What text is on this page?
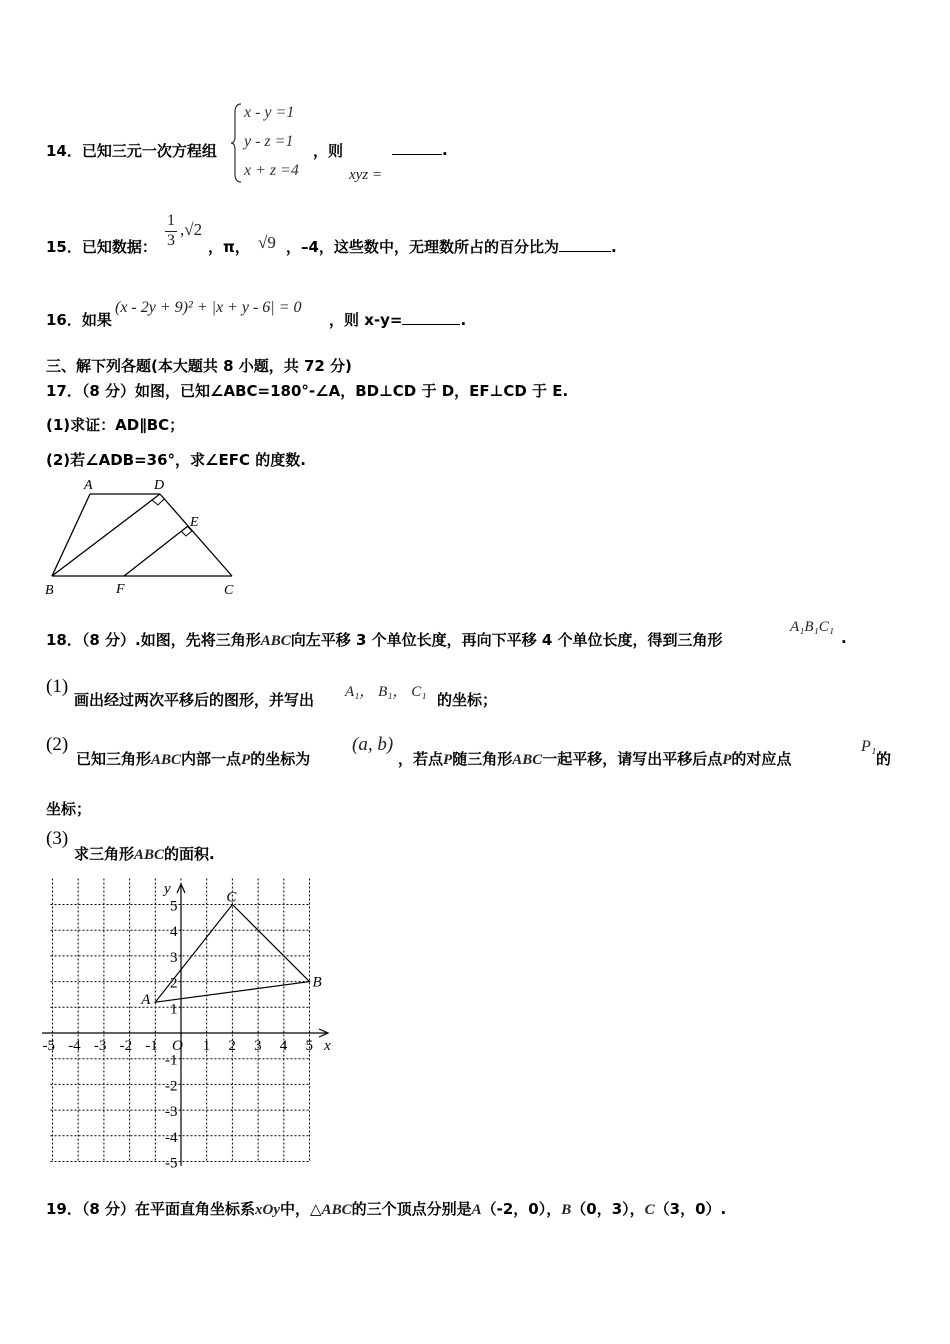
14．已知三元一次方程组
x - y =1
y - z =1
x + z =4
，则
xyz =
.
15．已知数据：
1
3
,√2
，π， √9 ，–4，这些数中，无理数所占的百分比为	.
16．如果
(x - 2y + 9)² + |x + y - 6| = 0
，则 x-y=	.
三、解下列各题(本大题共 8 小题，共 72 分)
17．（8 分）如图，已知∠ABC=180°-∠A，BD⊥CD 于 D，EF⊥CD 于 E.
(1)求证：AD∥BC；
(2)若∠ADB=36°，求∠EFC 的度数.
A	D
E
B	F	C
18．（8 分）.如图，先将三角形ABC向左平移 3 个单位长度，再向下平移 4 个单位长度，得到三角形
A₁B₁C₁
.
(1)
画出经过两次平移后的图形，并写出 A₁， B₁， C₁ 的坐标；
(2)
已知三角形ABC内部一点P的坐标为
(a, b)
，若点P随三角形ABC一起平移，请写出平移后点P的对应点
P₁
的
坐标；
(3)
求三角形ABC的面积.
-5 -4 -3 -2 -1	1 2 3 4 5
5
4
3
2
1
-1
-2
-3
-4
-5
O	x
y
A
B
C
19．（8 分）在平面直角坐标系xOy中，△ABC的三个顶点分别是A（-2，0），B（0，3），C（3，0）.
